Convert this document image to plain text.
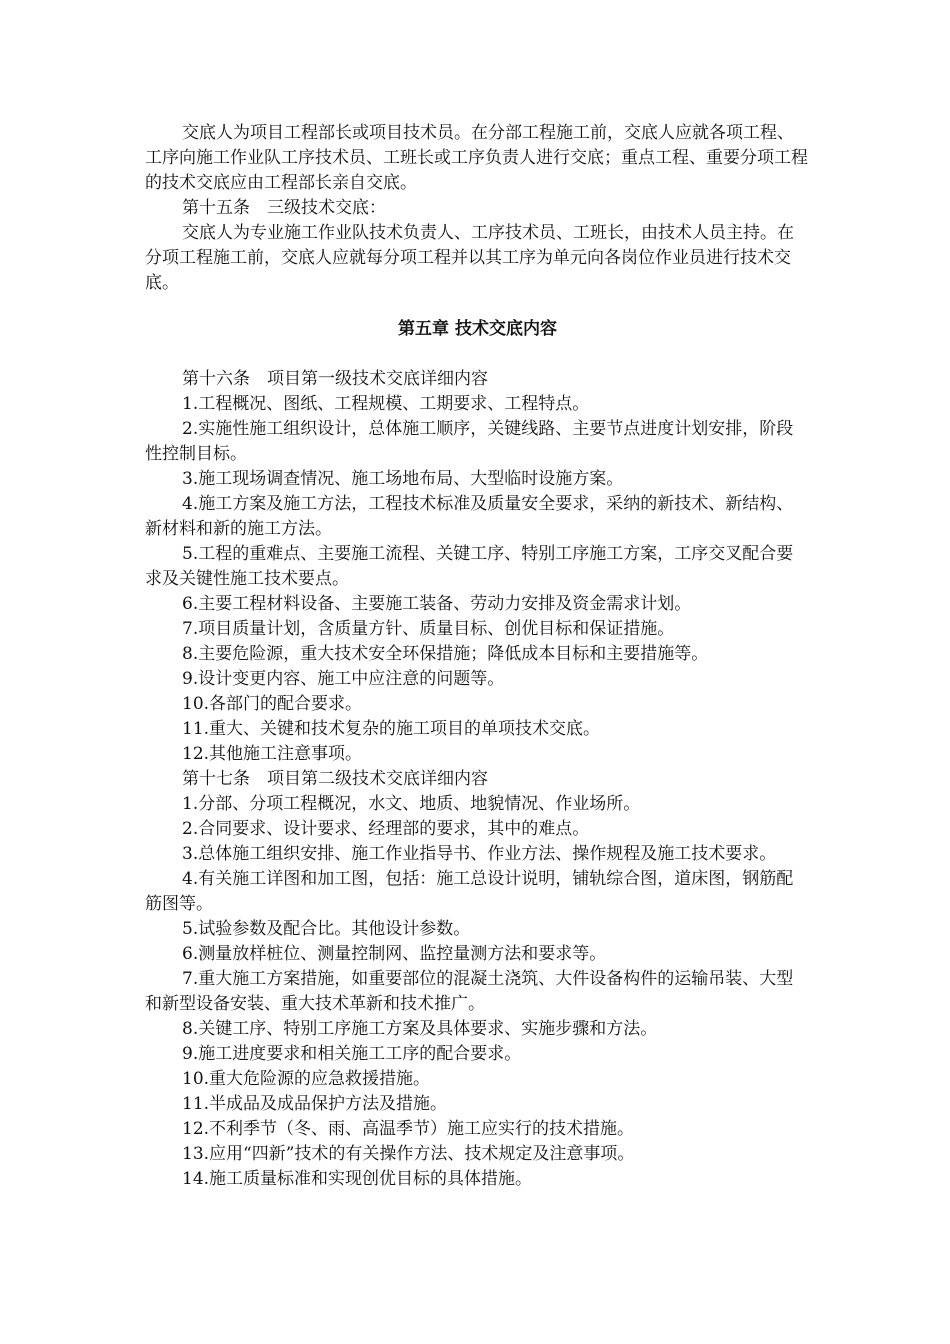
交底人为项目工程部长或项目技术员。在分部工程施工前，交底人应就各项工程、工序向施工作业队工序技术员、工班长或工序负责人进行交底；重点工程、重要分项工程的技术交底应由工程部长亲自交底。

第十五条　三级技术交底：

交底人为专业施工作业队技术负责人、工序技术员、工班长，由技术人员主持。在分项工程施工前，交底人应就每分项工程并以其工序为单元向各岗位作业员进行技术交底。

第五章 技术交底内容

第十六条　项目第一级技术交底详细内容

1.工程概况、图纸、工程规模、工期要求、工程特点。

2.实施性施工组织设计，总体施工顺序，关键线路、主要节点进度计划安排，阶段性控制目标。

3.施工现场调查情况、施工场地布局、大型临时设施方案。

4.施工方案及施工方法，工程技术标准及质量安全要求，采纳的新技术、新结构、新材料和新的施工方法。

5.工程的重难点、主要施工流程、关键工序、特别工序施工方案，工序交叉配合要求及关键性施工技术要点。

6.主要工程材料设备、主要施工装备、劳动力安排及资金需求计划。

7.项目质量计划，含质量方针、质量目标、创优目标和保证措施。

8.主要危险源，重大技术安全环保措施；降低成本目标和主要措施等。

9.设计变更内容、施工中应注意的问题等。

10.各部门的配合要求。

11.重大、关键和技术复杂的施工项目的单项技术交底。

12.其他施工注意事项。

第十七条　项目第二级技术交底详细内容

1.分部、分项工程概况，水文、地质、地貌情况、作业场所。

2.合同要求、设计要求、经理部的要求，其中的难点。

3.总体施工组织安排、施工作业指导书、作业方法、操作规程及施工技术要求。

4.有关施工详图和加工图，包括：施工总设计说明，铺轨综合图，道床图，钢筋配筋图等。

5.试验参数及配合比。其他设计参数。

6.测量放样桩位、测量控制网、监控量测方法和要求等。

7.重大施工方案措施，如重要部位的混凝土浇筑、大件设备构件的运输吊装、大型和新型设备安装、重大技术革新和技术推广。

8.关键工序、特别工序施工方案及具体要求、实施步骤和方法。

9.施工进度要求和相关施工工序的配合要求。

10.重大危险源的应急救援措施。

11.半成品及成品保护方法及措施。

12.不利季节（冬、雨、高温季节）施工应实行的技术措施。

13.应用“四新”技术的有关操作方法、技术规定及注意事项。

14.施工质量标准和实现创优目标的具体措施。
